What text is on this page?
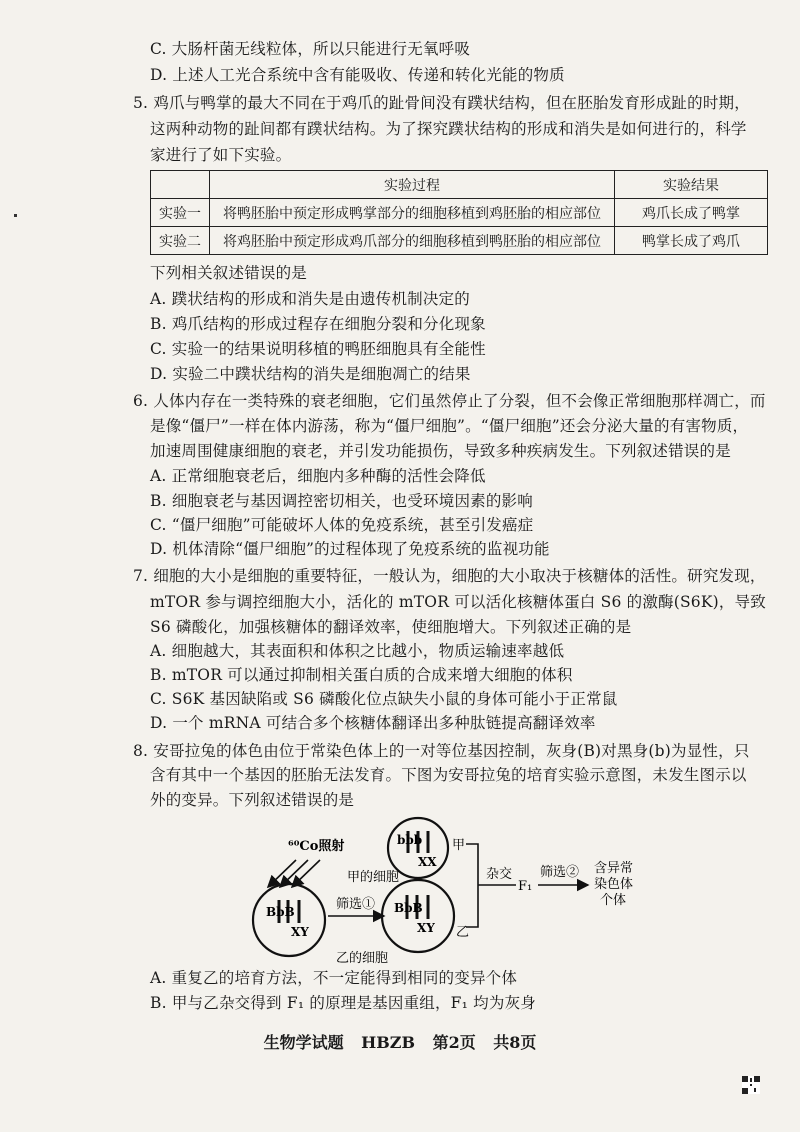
C. 大肠杆菌无线粒体，所以只能进行无氧呼吸
D. 上述人工光合系统中含有能吸收、传递和转化光能的物质
5. 鸡爪与鸭掌的最大不同在于鸡爪的趾骨间没有蹼状结构，但在胚胎发育形成趾的时期，
这两种动物的趾间都有蹼状结构。为了探究蹼状结构的形成和消失是如何进行的，科学
家进行了如下实验。
	实验过程	实验结果
实验一	将鸭胚胎中预定形成鸭掌部分的细胞移植到鸡胚胎的相应部位	鸡爪长成了鸭掌
实验二	将鸡胚胎中预定形成鸡爪部分的细胞移植到鸭胚胎的相应部位	鸭掌长成了鸡爪
下列相关叙述错误的是
A. 蹼状结构的形成和消失是由遗传机制决定的
B. 鸡爪结构的形成过程存在细胞分裂和分化现象
C. 实验一的结果说明移植的鸭胚细胞具有全能性
D. 实验二中蹼状结构的消失是细胞凋亡的结果
6. 人体内存在一类特殊的衰老细胞，它们虽然停止了分裂，但不会像正常细胞那样凋亡，而
是像“僵尸”一样在体内游荡，称为“僵尸细胞”。“僵尸细胞”还会分泌大量的有害物质，
加速周围健康细胞的衰老，并引发功能损伤，导致多种疾病发生。下列叙述错误的是
A. 正常细胞衰老后，细胞内多种酶的活性会降低
B. 细胞衰老与基因调控密切相关，也受环境因素的影响
C. “僵尸细胞”可能破坏人体的免疫系统，甚至引发癌症
D. 机体清除“僵尸细胞”的过程体现了免疫系统的监视功能
7. 细胞的大小是细胞的重要特征，一般认为，细胞的大小取决于核糖体的活性。研究发现，
mTOR 参与调控细胞大小，活化的 mTOR 可以活化核糖体蛋白 S6 的激酶(S6K)，导致
S6 磷酸化，加强核糖体的翻译效率，使细胞增大。下列叙述正确的是
A. 细胞越大，其表面积和体积之比越小，物质运输速率越低
B. mTOR 可以通过抑制相关蛋白质的合成来增大细胞的体积
C. S6K 基因缺陷或 S6 磷酸化位点缺失小鼠的身体可能小于正常鼠
D. 一个 mRNA 可结合多个核糖体翻译出多种肽链提高翻译效率
8. 安哥拉兔的体色由位于常染色体上的一对等位基因控制，灰身(B)对黑身(b)为显性，只
含有其中一个基因的胚胎无法发育。下图为安哥拉兔的培育实验示意图，未发生图示以
外的变异。下列叙述错误的是
⁶⁰Co照射
BbB
XY
筛选① BbB
XY
乙的细胞
乙
bbb
XX
甲的细胞
甲
杂交
F₁
筛选② 含异常
染色体
个体
A. 重复乙的培育方法，不一定能得到相同的变异个体
B. 甲与乙杂交得到 F₁ 的原理是基因重组，F₁ 均为灰身
生物学试题 HBZB 第2页 共8页
